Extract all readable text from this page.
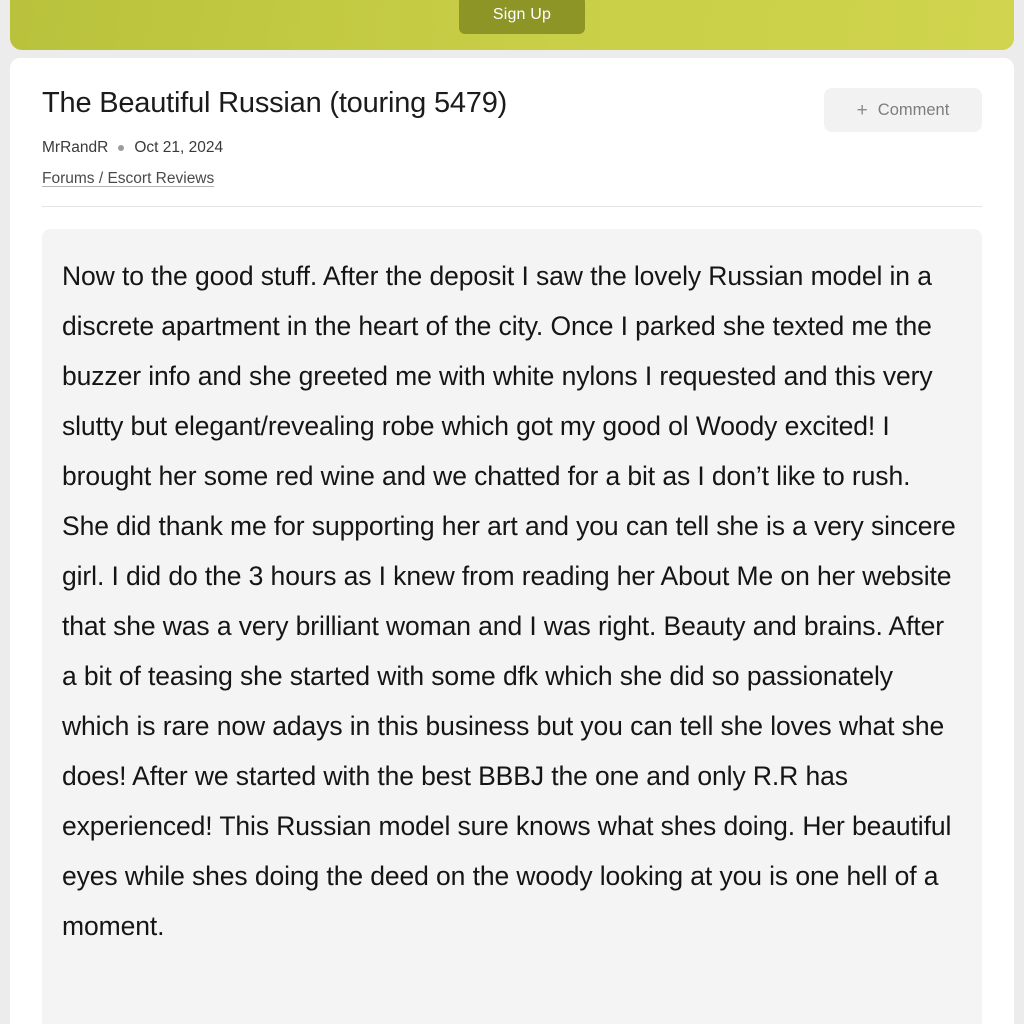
Sign Up
The Beautiful Russian (touring 5479)
MrRandR Oct 21, 2024
Forums / Escort Reviews
+ Comment
Now to the good stuff. After the deposit I saw the lovely Russian model in a discrete apartment in the heart of the city. Once I parked she texted me the buzzer info and she greeted me with white nylons I requested and this very slutty but elegant/revealing robe which got my good ol Woody excited! I brought her some red wine and we chatted for a bit as I don’t like to rush. She did thank me for supporting her art and you can tell she is a very sincere girl. I did do the 3 hours as I knew from reading her About Me on her website that she was a very brilliant woman and I was right. Beauty and brains. After a bit of teasing she started with some dfk which she did so passionately which is rare now adays in this business but you can tell she loves what she does! After we started with the best BBBJ the one and only R.R has experienced! This Russian model sure knows what shes doing. Her beautiful eyes while shes doing the deed on the woody looking at you is one hell of a moment.
